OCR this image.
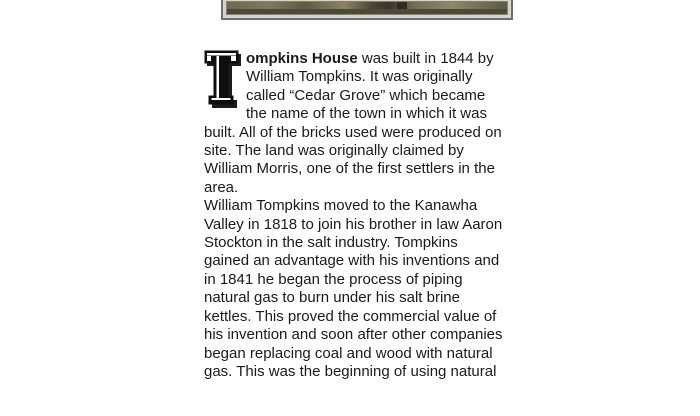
ompkins House was built in 1844 by William Tompkins. It was originally called “Cedar Grove” which became the name of the town in which it was built. All of the bricks used were produced on site. The land was originally claimed by William Morris, one of the first settlers in the area.

William Tompkins moved to the Kanawha Valley in 1818 to join his brother in law Aaron Stockton in the salt industry. Tompkins gained an advantage with his inventions and in 1841 he began the process of piping natural gas to burn under his salt brine kettles. This proved the commercial value of his invention and soon after other companies began replacing coal and wood with natural gas. This was the beginning of using natural
